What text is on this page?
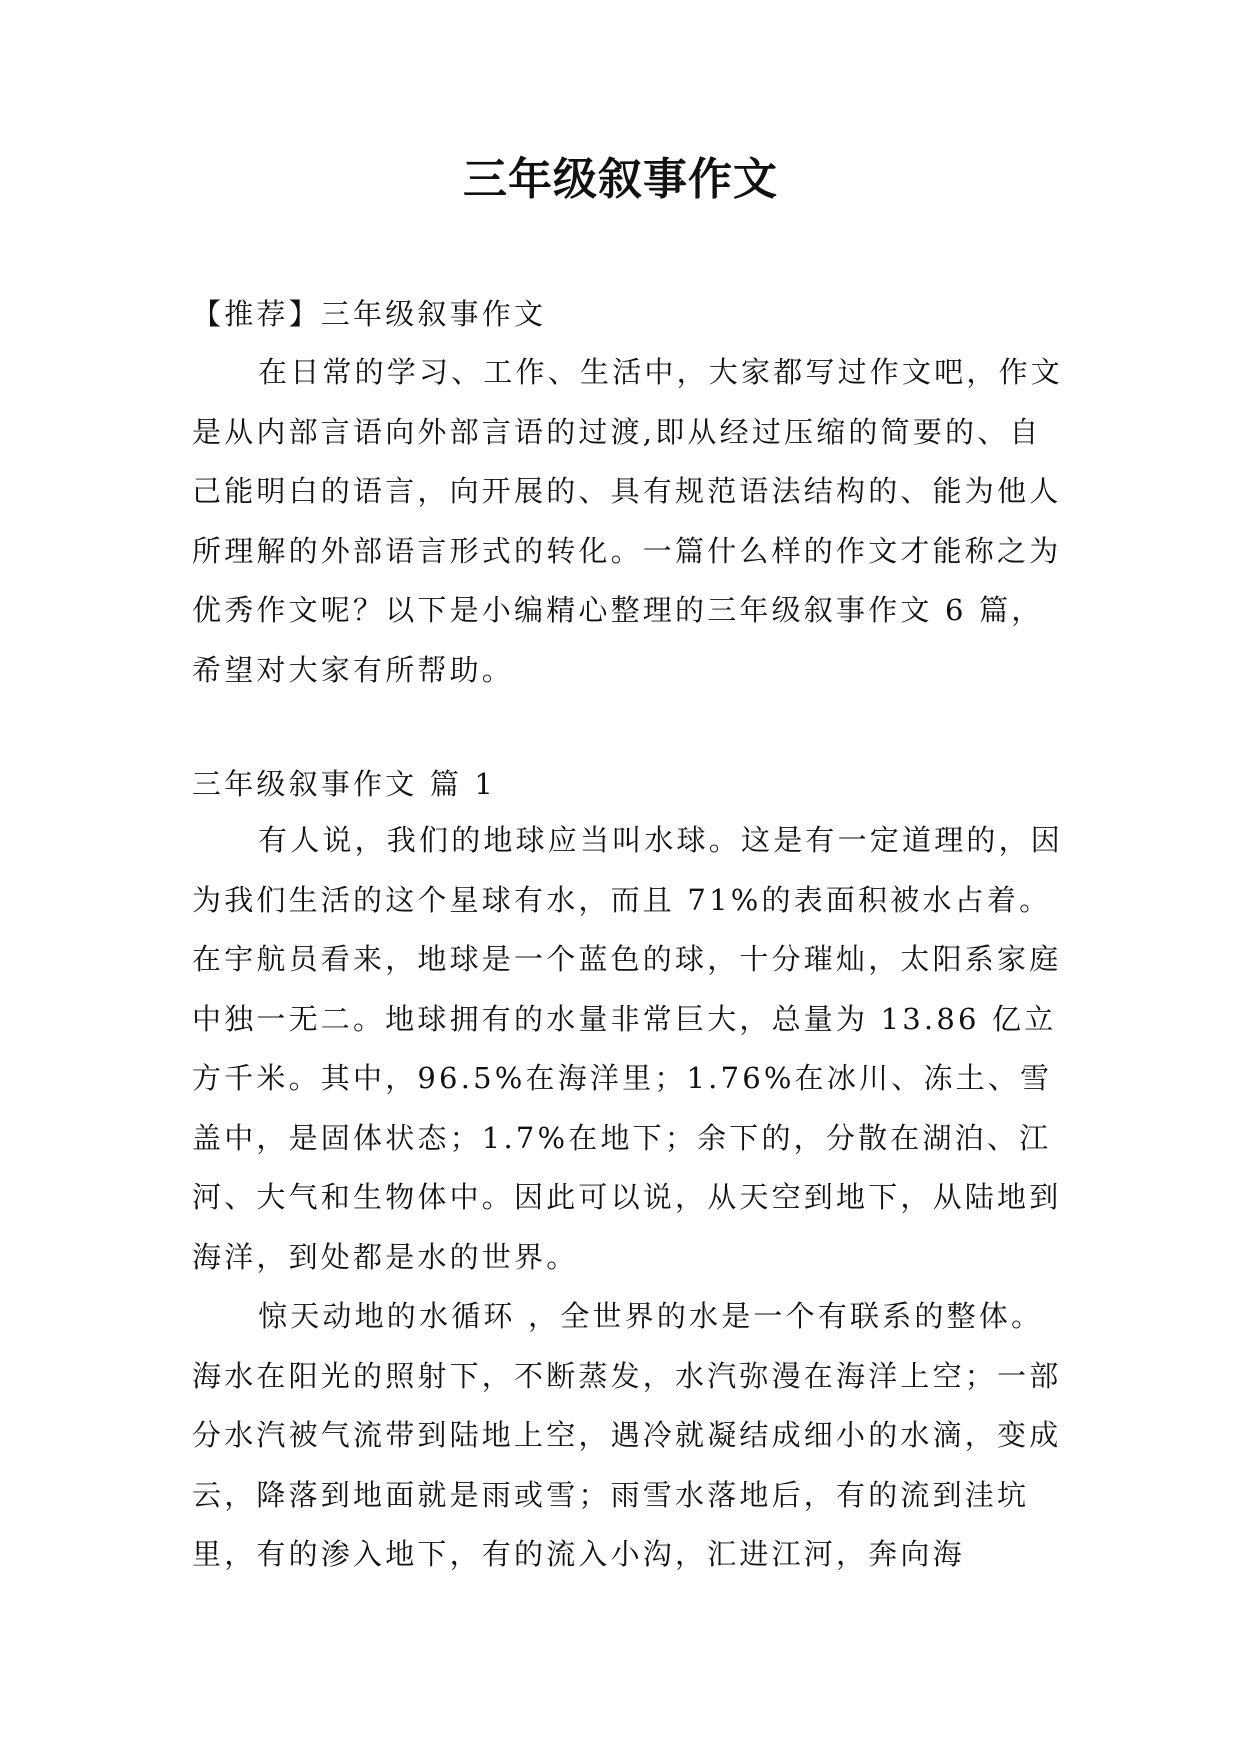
三年级叙事作文
【推荐】三年级叙事作文

在日常的学习、工作、生活中，大家都写过作文吧，作文是从内部言语向外部言语的过渡,即从经过压缩的简要的、自己能明白的语言，向开展的、具有规范语法结构的、能为他人所理解的外部语言形式的转化。一篇什么样的作文才能称之为优秀作文呢？以下是小编精心整理的三年级叙事作文 6 篇，希望对大家有所帮助。

三年级叙事作文 篇 1

有人说，我们的地球应当叫水球。这是有一定道理的，因为我们生活的这个星球有水，而且 71%的表面积被水占着。在宇航员看来，地球是一个蓝色的球，十分璀灿，太阳系家庭中独一无二。地球拥有的水量非常巨大，总量为 13.86 亿立方千米。其中，96.5%在海洋里；1.76%在冰川、冻土、雪盖中，是固体状态；1.7%在地下；余下的，分散在湖泊、江河、大气和生物体中。因此可以说，从天空到地下，从陆地到海洋，到处都是水的世界。

惊天动地的水循环 ，全世界的水是一个有联系的整体。海水在阳光的照射下，不断蒸发，水汽弥漫在海洋上空；一部分水汽被气流带到陆地上空，遇冷就凝结成细小的水滴，变成云，降落到地面就是雨或雪；雨雪水落地后，有的流到洼坑里，有的渗入地下，有的流入小沟，汇进江河，奔向海
